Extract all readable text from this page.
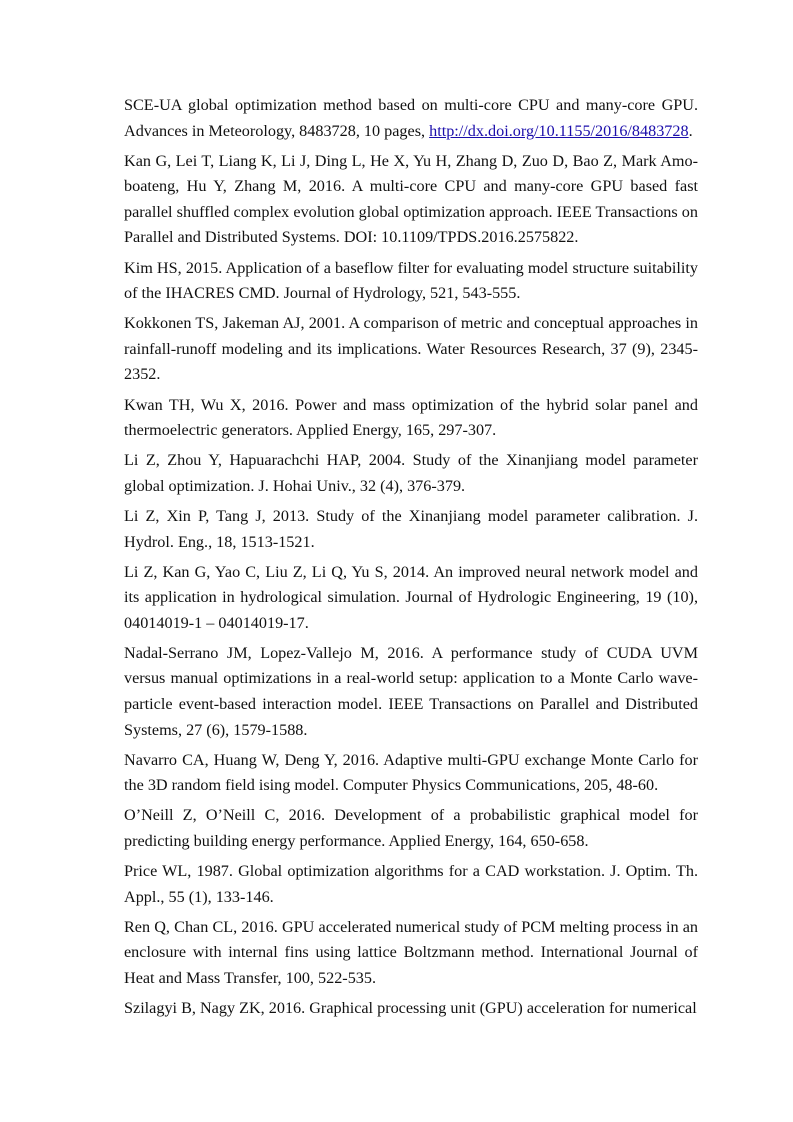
SCE-UA global optimization method based on multi-core CPU and many-core GPU. Advances in Meteorology, 8483728, 10 pages, http://dx.doi.org/10.1155/2016/8483728.

Kan G, Lei T, Liang K, Li J, Ding L, He X, Yu H, Zhang D, Zuo D, Bao Z, Mark Amo-boateng, Hu Y, Zhang M, 2016. A multi-core CPU and many-core GPU based fast parallel shuffled complex evolution global optimization approach. IEEE Transactions on Parallel and Distributed Systems. DOI: 10.1109/TPDS.2016.2575822.

Kim HS, 2015. Application of a baseflow filter for evaluating model structure suitability of the IHACRES CMD. Journal of Hydrology, 521, 543-555.

Kokkonen TS, Jakeman AJ, 2001. A comparison of metric and conceptual approaches in rainfall-runoff modeling and its implications. Water Resources Research, 37 (9), 2345-2352.

Kwan TH, Wu X, 2016. Power and mass optimization of the hybrid solar panel and thermoelectric generators. Applied Energy, 165, 297-307.

Li Z, Zhou Y, Hapuarachchi HAP, 2004. Study of the Xinanjiang model parameter global optimization. J. Hohai Univ., 32 (4), 376-379.

Li Z, Xin P, Tang J, 2013. Study of the Xinanjiang model parameter calibration. J. Hydrol. Eng., 18, 1513-1521.

Li Z, Kan G, Yao C, Liu Z, Li Q, Yu S, 2014. An improved neural network model and its application in hydrological simulation. Journal of Hydrologic Engineering, 19 (10), 04014019-1 – 04014019-17.

Nadal-Serrano JM, Lopez-Vallejo M, 2016. A performance study of CUDA UVM versus manual optimizations in a real-world setup: application to a Monte Carlo wave-particle event-based interaction model. IEEE Transactions on Parallel and Distributed Systems, 27 (6), 1579-1588.

Navarro CA, Huang W, Deng Y, 2016. Adaptive multi-GPU exchange Monte Carlo for the 3D random field ising model. Computer Physics Communications, 205, 48-60.

O’Neill Z, O’Neill C, 2016. Development of a probabilistic graphical model for predicting building energy performance. Applied Energy, 164, 650-658.

Price WL, 1987. Global optimization algorithms for a CAD workstation. J. Optim. Th. Appl., 55 (1), 133-146.

Ren Q, Chan CL, 2016. GPU accelerated numerical study of PCM melting process in an enclosure with internal fins using lattice Boltzmann method. International Journal of Heat and Mass Transfer, 100, 522-535.

Szilagyi B, Nagy ZK, 2016. Graphical processing unit (GPU) acceleration for numerical
